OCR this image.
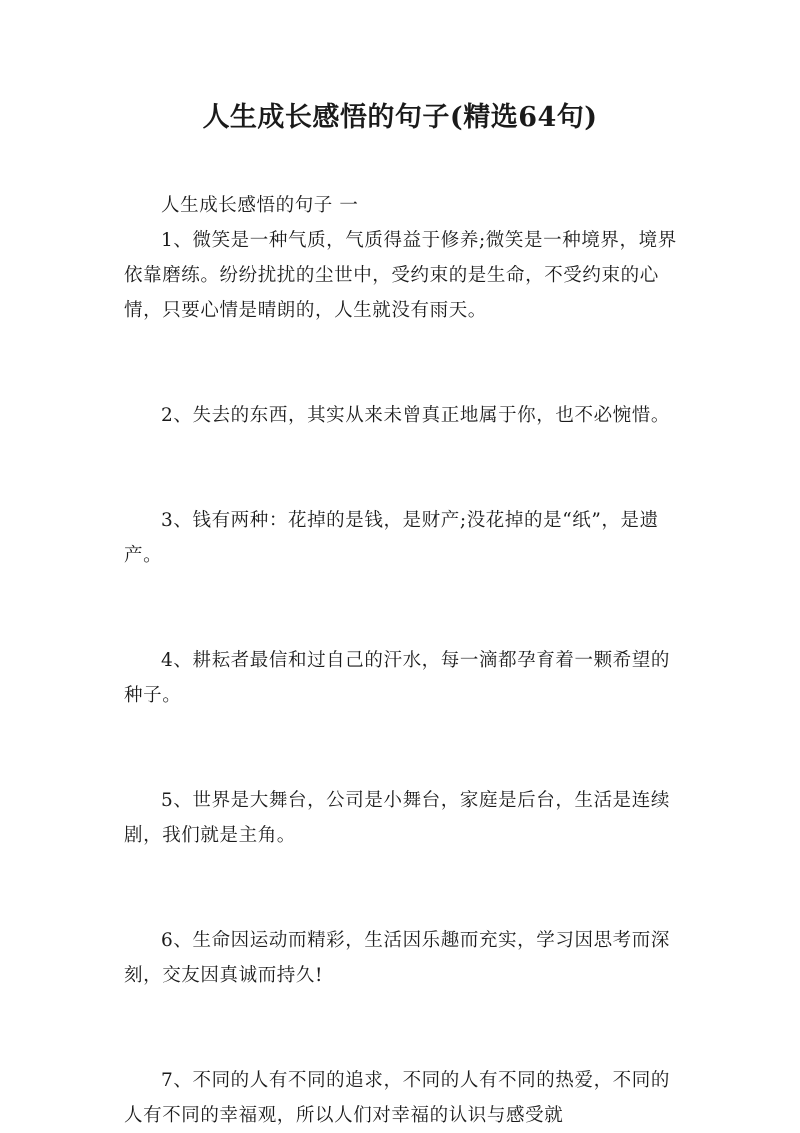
人生成长感悟的句子(精选64句)

人生成长感悟的句子 一

1、微笑是一种气质，气质得益于修养;微笑是一种境界，境界依靠磨练。纷纷扰扰的尘世中，受约束的是生命，不受约束的心情，只要心情是晴朗的，人生就没有雨天。

2、失去的东西，其实从来未曾真正地属于你，也不必惋惜。

3、钱有两种：花掉的是钱，是财产;没花掉的是“纸”，是遗产。

4、耕耘者最信和过自己的汗水，每一滴都孕育着一颗希望的种子。

5、世界是大舞台，公司是小舞台，家庭是后台，生活是连续剧，我们就是主角。

6、生命因运动而精彩，生活因乐趣而充实，学习因思考而深刻，交友因真诚而持久!

7、不同的人有不同的追求，不同的人有不同的热爱，不同的人有不同的幸福观，所以人们对幸福的认识与感受就
